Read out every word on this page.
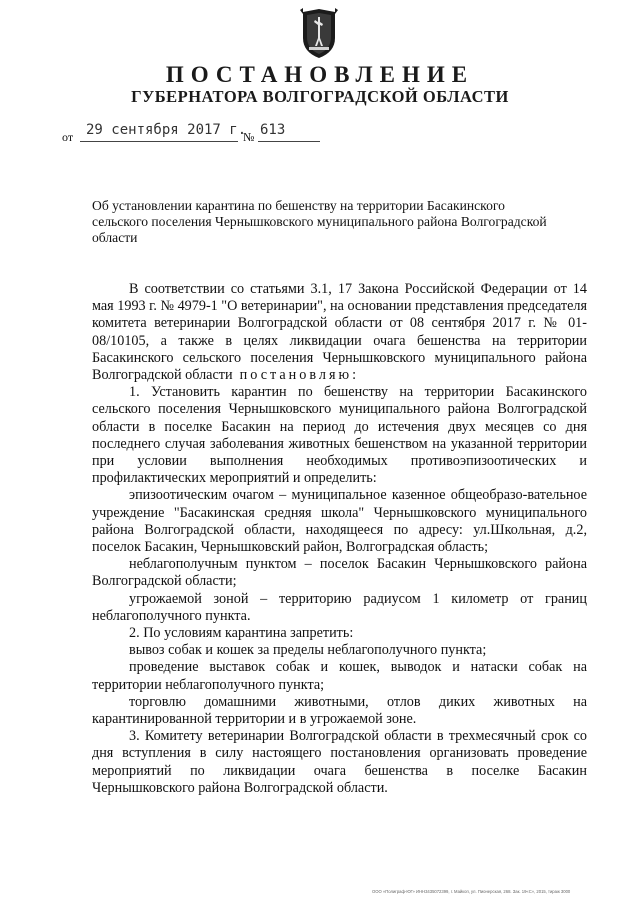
ПОСТАНОВЛЕНИЕ
ГУБЕРНАТОРА ВОЛГОГРАДСКОЙ ОБЛАСТИ
от 29 сентября 2017 г.
№ 613
Об установлении карантина по бешенству на территории Басакинского сельского поселения Чернышковского муниципального района Волгоградской области

В соответствии со статьями 3.1, 17 Закона Российской Федерации от 14 мая 1993 г. № 4979-1 "О ветеринарии", на основании представления председателя комитета ветеринарии Волгоградской области от 08 сентября 2017 г. № 01-08/10105, а также в целях ликвидации очага бешенства на территории Басакинского сельского поселения Чернышковского муниципального района Волгоградской области постановляю:

1. Установить карантин по бешенству на территории Басакинского сельского поселения Чернышковского муниципального района Волгоградской области в поселке Басакин на период до истечения двух месяцев со дня последнего случая заболевания животных бешенством на указанной территории при условии выполнения необходимых противоэпизоотических и профилактических мероприятий и определить:

эпизоотическим очагом – муниципальное казенное общеобразо-вательное учреждение "Басакинская средняя школа" Чернышковского муниципального района Волгоградской области, находящееся по адресу: ул.Школьная, д.2, поселок Басакин, Чернышковский район, Волгоградская область;

неблагополучным пунктом – поселок Басакин Чернышковского района Волгоградской области;

угрожаемой зоной – территорию радиусом 1 километр от границ неблагополучного пункта.

2. По условиям карантина запретить:

вывоз собак и кошек за пределы неблагополучного пункта;

проведение выставок собак и кошек, выводок и натаски собак на территории неблагополучного пункта;

торговлю домашними животными, отлов диких животных на карантинированной территории и в угрожаемой зоне.

3. Комитету ветеринарии Волгоградской области в трехмесячный срок со дня вступления в силу настоящего постановления организовать проведение мероприятий по ликвидации очага бешенства в поселке Басакин Чернышковского района Волгоградской области.

ООО «Полиграф-ЮГ» ИНН3435072399, г. Майкоп, ул. Пионерская, 268. Зак. 19«С», 2015, тираж 3000
